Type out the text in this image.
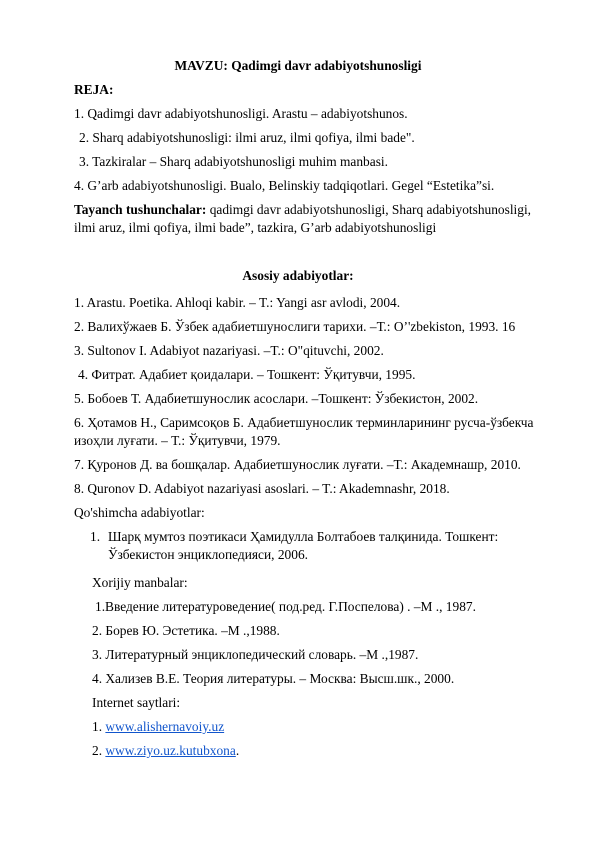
MAVZU: Qadimgi davr adabiyotshunosligi
REJA:
1. Qadimgi davr adabiyotshunosligi. Arastu – adabiyotshunos.
2. Sharq adabiyotshunosligi: ilmi aruz, ilmi qofiya, ilmi bade".
3. Tazkiralar – Sharq adabiyotshunosligi muhim manbasi.
4. G’arb adabiyotshunosligi. Bualo, Belinskiy tadqiqotlari. Gegel “Estetika”si.
Tayanch tushunchalar: qadimgi davr adabiyotshunosligi, Sharq adabiyotshunosligi,
ilmi aruz, ilmi qofiya, ilmi bade”, tazkira, G’arb adabiyotshunosligi
Asosiy adabiyotlar:
1. Arastu. Poetika. Ahloqi kabir. – T.: Yangi asr avlodi, 2004.
2. Валихўжаев Б. Ўзбек адабиетшунослиги тарихи. –Т.: O’'zbekiston, 1993. 16
3. Sultonov I. Adabiyot nazariyasi. –T.: O"qituvchi, 2002.
4. Фитрат. Адабиет қоидалари. – Тошкент: Ўқитувчи, 1995.
5. Бобоев Т. Адабиетшунослик асослари. –Тошкент: Ўзбекистон, 2002.
6. Ҳотамов Н., Саримсоқов Б. Адабиетшунослик терминларининг русча-ўзбекча
изоҳли луғати. – Т.: Ўқитувчи, 1979.
7. Қуронов Д. ва бошқалар. Адабиетшунослик луғати. –Т.: Академнашр, 2010.
8. Quronov D. Adabiyot nazariyasi asoslari. – T.: Akademnashr, 2018.
Qo'shimcha adabiyotlar:
1. Шарқ мумтоз поэтикаси Ҳамидулла Болтабоев талқинида. Тошкент:
Ўзбекистон энциклопедияси, 2006.
Xorijiy manbalar:
1.Введение литературоведение( под.ред. Г.Поспелова) . –М ., 1987.
2. Борев Ю. Эстетика. –М .,1988.
3. Литературный энциклопедический словарь. –М .,1987.
4. Хализев В.Е. Теория литературы. – Москва: Высш.шк., 2000.
Internet saytlari:
1. www.alishernavoiy.uz
2. www.ziyo.uz.kutubxona.
